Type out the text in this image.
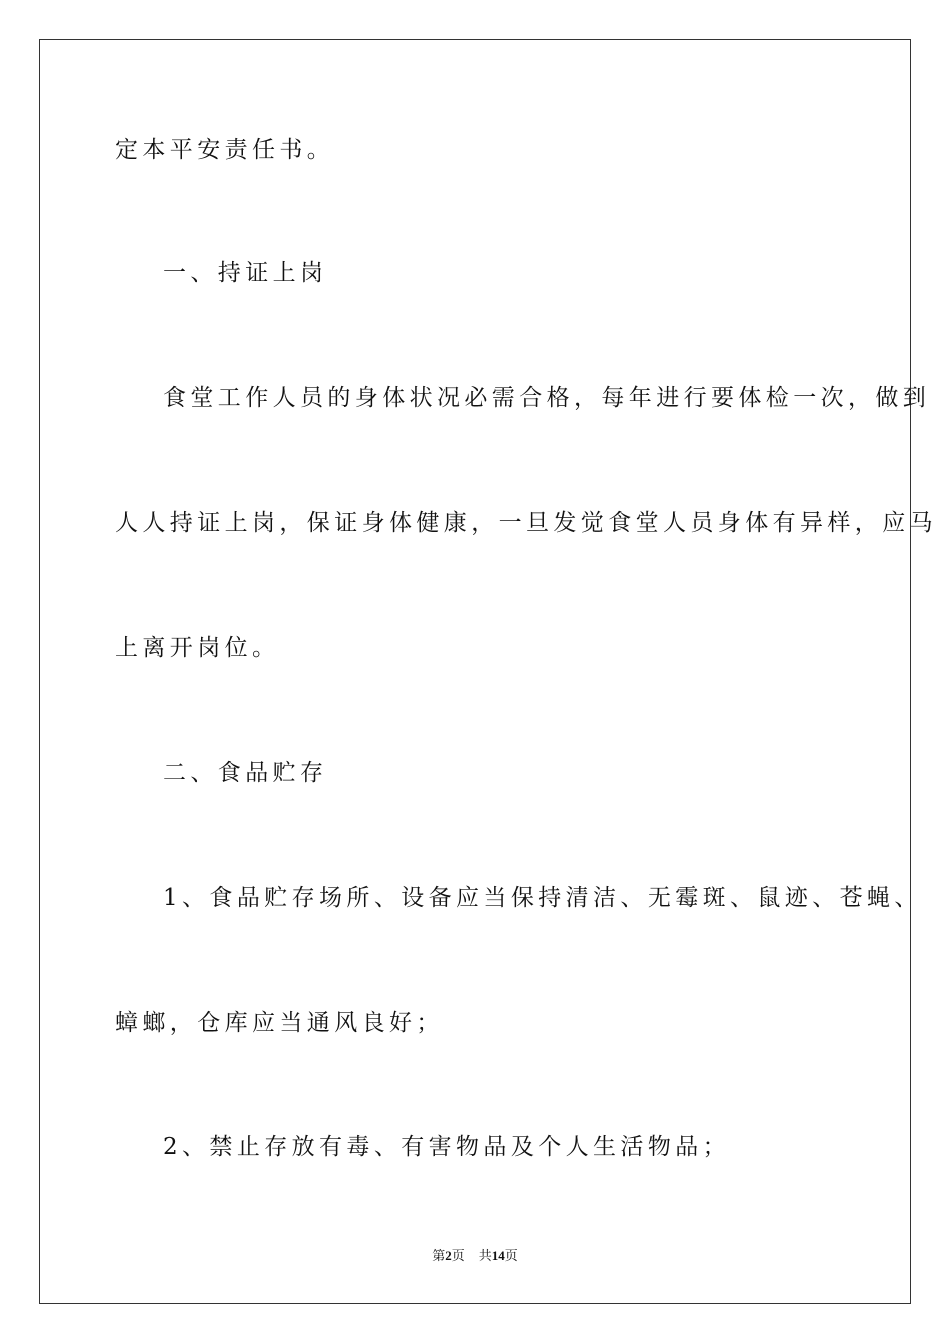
定本平安责任书。
一、持证上岗
食堂工作人员的身体状况必需合格，每年进行要体检一次，做到
人人持证上岗，保证身体健康，一旦发觉食堂人员身体有异样，应马
上离开岗位。
二、食品贮存
1、食品贮存场所、设备应当保持清洁、无霉斑、鼠迹、苍蝇、
蟑螂，仓库应当通风良好；
2、禁止存放有毒、有害物品及个人生活物品；
第2页 共14页
